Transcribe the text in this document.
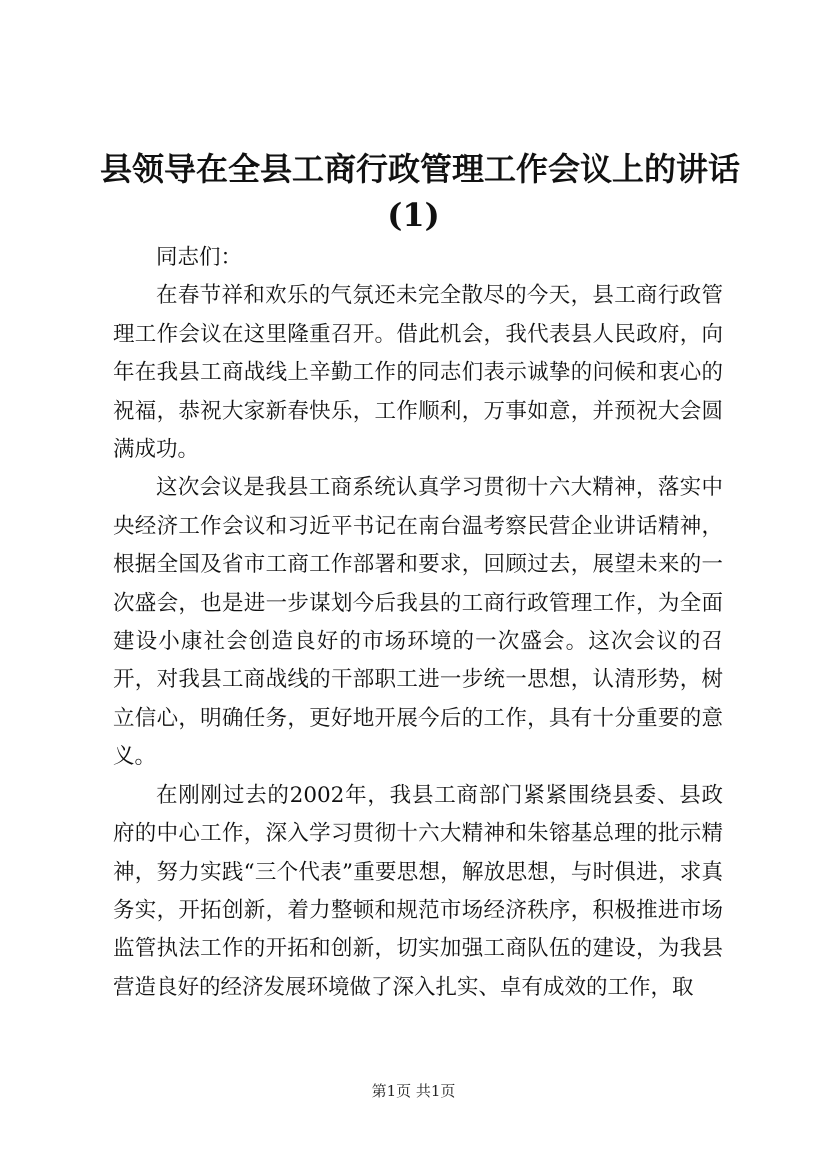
县领导在全县工商行政管理工作会议上的讲话
(1)

同志们：

在春节祥和欢乐的气氛还未完全散尽的今天，县工商行政管理工作会议在这里隆重召开。借此机会，我代表县人民政府，向年在我县工商战线上辛勤工作的同志们表示诚挚的问候和衷心的祝福，恭祝大家新春快乐，工作顺利，万事如意，并预祝大会圆满成功。

这次会议是我县工商系统认真学习贯彻十六大精神，落实中央经济工作会议和习近平书记在南台温考察民营企业讲话精神，根据全国及省市工商工作部署和要求，回顾过去，展望未来的一次盛会，也是进一步谋划今后我县的工商行政管理工作，为全面建设小康社会创造良好的市场环境的一次盛会。这次会议的召开，对我县工商战线的干部职工进一步统一思想，认清形势，树立信心，明确任务，更好地开展今后的工作，具有十分重要的意义。

在刚刚过去的2002年，我县工商部门紧紧围绕县委、县政府的中心工作，深入学习贯彻十六大精神和朱镕基总理的批示精神，努力实践“三个代表”重要思想，解放思想，与时俱进，求真务实，开拓创新，着力整顿和规范市场经济秩序，积极推进市场监管执法工作的开拓和创新，切实加强工商队伍的建设，为我县营造良好的经济发展环境做了深入扎实、卓有成效的工作，取

第1页 共1页
